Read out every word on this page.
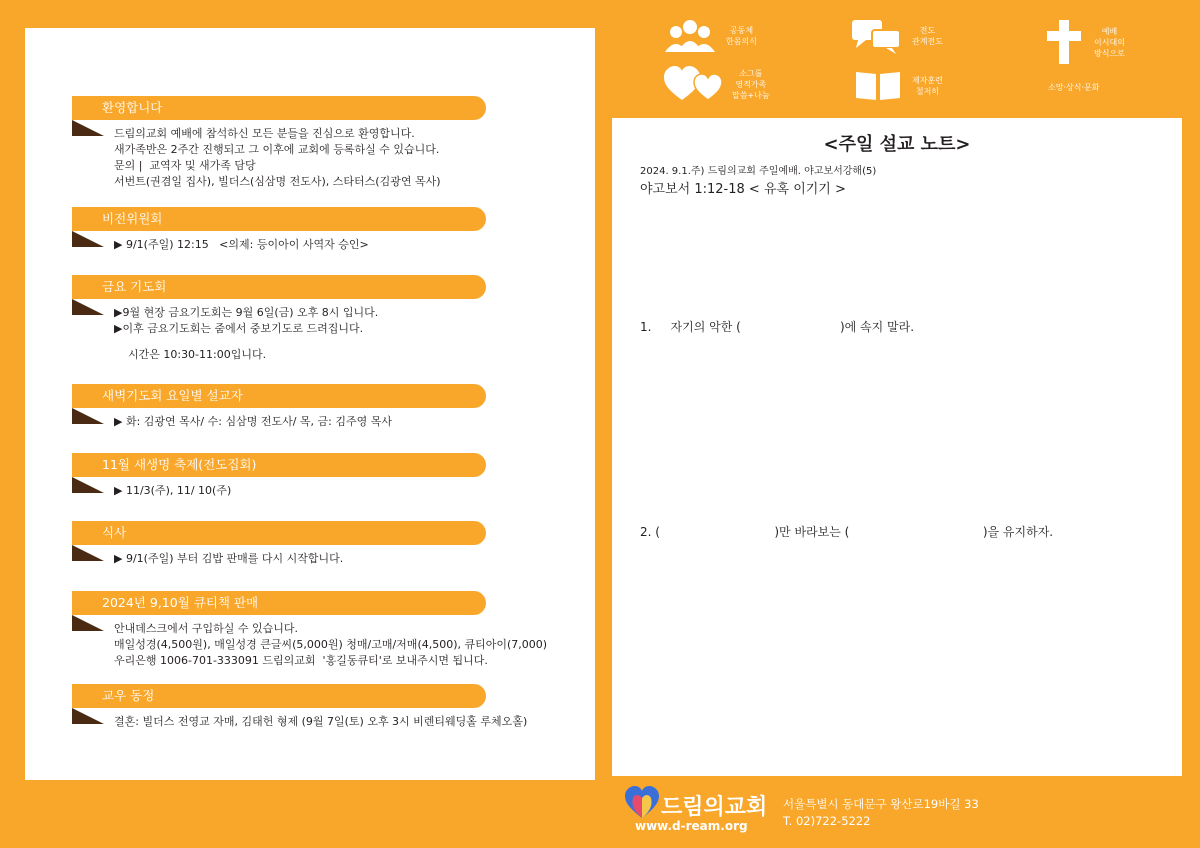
환영합니다

드림의교회 예배에 참석하신 모든 분들을 진심으로 환영합니다.

새가족반은 2주간 진행되고 그 이후에 교회에 등록하실 수 있습니다.

문의 |  교역자 및 새가족 담당

서번트(권겸일 집사), 빌더스(심삼명 전도사), 스타터스(김광연 목사)

비전위원회

▶ 9/1(주일) 12:15   <의제: 등이아이 사역자 승인>

금요 기도회

▶9월 현장 금요기도회는 9월 6일(금) 오후 8시 입니다.

▶이후 금요기도회는 줌에서 중보기도로 드려집니다.

시간은 10:30-11:00입니다.

새벽기도회 요일별 설교자

▶ 화: 김광연 목사/ 수: 심삼명 전도사/ 목, 금: 김주영 목사

11월 새생명 축제(전도집회)

▶ 11/3(주), 11/ 10(주)

식사

▶ 9/1(주일) 부터 김밥 판매를 다시 시작합니다.

2024년 9,10월 큐티책 판매

안내데스크에서 구입하실 수 있습니다.

매일성경(4,500원), 매일성경 큰글씨(5,000원) 청매/고매/저매(4,500), 큐티아이(7,000)

우리은행 1006-701-333091 드림의교회  '홍길동큐티'로 보내주시면 됩니다.

교우 동정

결혼: 빌더스 전영교 자매, 김태헌 형제 (9월 7일(토) 오후 3시 비렌티웨딩홀 루체오홀)

공동체
한몸의식
전도
관계전도
예배
이시대의
방식으로
소그룹
영적가족
말씀+나눔
제자훈련
철저히	소망·상식·문화
<주일 설교 노트>
2024. 9.1.주) 드림의교회 주일예배. 야고보서강해(5)
야고보서 1:12-18 < 유혹 이기기 >
1.     자기의 악한 (                          )에 속지 말라.
2. (                              )만 바라보는 (                                   )을 유지하자.
드림의교회
www.d-ream.org
서울특별시 동대문구 왕산로19바길 33
T. 02)722-5222
